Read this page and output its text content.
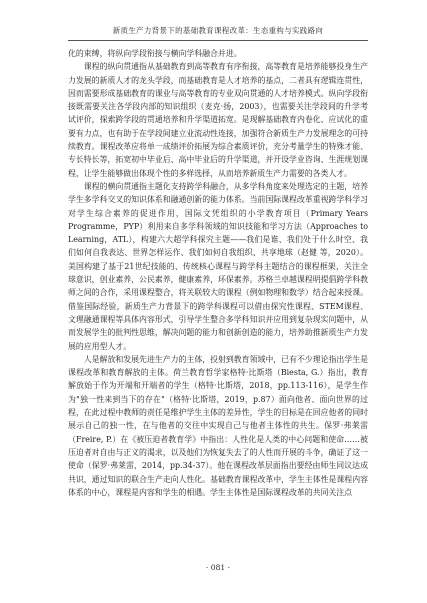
新质生产力背景下的基础教育课程改革：生态重构与实践路向

化的束缚，将纵向学段衔接与横向学科融合并进。

课程的纵向贯通指从基础教育到高等教育有序衔接，高等教育是培养能够投身生产力发展的新质人才的龙头学段，而基础教育是人才培养的基点，二者具有逻辑连贯性，因而需要形成基础教育的课业与高等教育的专业双向贯通的人才培养模式。纵向学段衔接既需要关注各学段内部的知识组织（麦克·扬，2003），也需要关注学段间的升学考试评价，探索跨学段的贯通培养和升学渠道拓宽。是现解基础教育内卷化、应试化的重要有力点，也有助于在学段间建立业流动性连接，加强符合新质生产力发展理念的可持续教育。课程改革应将单一成绩评价拓展为综合素质评价，充分考量学生的特殊才能、专长特长等，拓宽初中毕业后、高中毕业后的升学渠道，并开设学业咨询、生涯规划课程，让学生能够做出体现个性的多样选择，从而培养新质生产力需要的各类人才。

课程的横向贯通指主题化支持跨学科融合，从多学科角度来处理选定的主题，培养学生多学科交叉的知识体系和融通创新的能力体系。当前国际课程改革重视跨学科学习对学生综合素养的促进作用，国际文凭组织的小学教育项目（Primary Years Programme，PYP）利用来自多学科领域的知识技能和学习方法（Approaches to Learning，ATL），构建六大超学科探究主题——我们是谁、我们处于什么时空、我们如何自我表达、世界怎样运作、我们如何自我组织、共享地球（赵健 等，2020）。美国构建了基于21世纪技能的、传统核心课程与跨学科主题结合的课程框架，关注全球意识，创业素养，公民素养，健康素养，环保素养。苏格兰卓越课程明提倡跨学科教师之间的合作，采用课程整合，将关联较大的课程（例如物理和数学）结合起来授课。借鉴国际经验，新质生产力背景下的跨学科课程可以借由探究性课程、STEM课程、文理融通课程等具体内容形式，引导学生整合多学科知识并应用到复杂现实问题中，从而发展学生的批判性思维，解决问题的能力和创新创造的能力，培养助推新质生产力发展的应用型人才。

人是解放和发展先进生产力的主体，投射到教育领域中，已有不少理论指出学生是课程改革和教育解放的主体。荷兰教育哲学家格特·比斯塔（Biesta, G.）指出，教育解放始于作为开端和开端者的学生（格特·比斯塔，2018，pp.113-116），是学生作为"独一性来到当下的存在"（格特·比斯塔，2019，p.87）面向他者、面向世界的过程，在此过程中教师的责任是维护学生主体的差异性，学生的目标是在回应他者的同时展示自己的独一性，在与他者的交往中实现自己与他者主体性的共生。保罗·弗莱雷（Freire, P.）在《被压迫者教育学》中指出：人性化是人类的中心问题和使命……被压迫者对自由与正义的渴求，以及他们为恢复失去了的人性而开展的斗争，确证了这一使命（保罗·弗莱雷，2014，pp.34-37）。他在课程改革层面指出要经由师生同议达成共识，通过知识的联合生产走向人性化。基础教育课程改革中，学生主体性是课程内容体系的中心，课程是内容和学生的相遇。学生主体性是国际课程改革的共同关注点

· 081 ·
